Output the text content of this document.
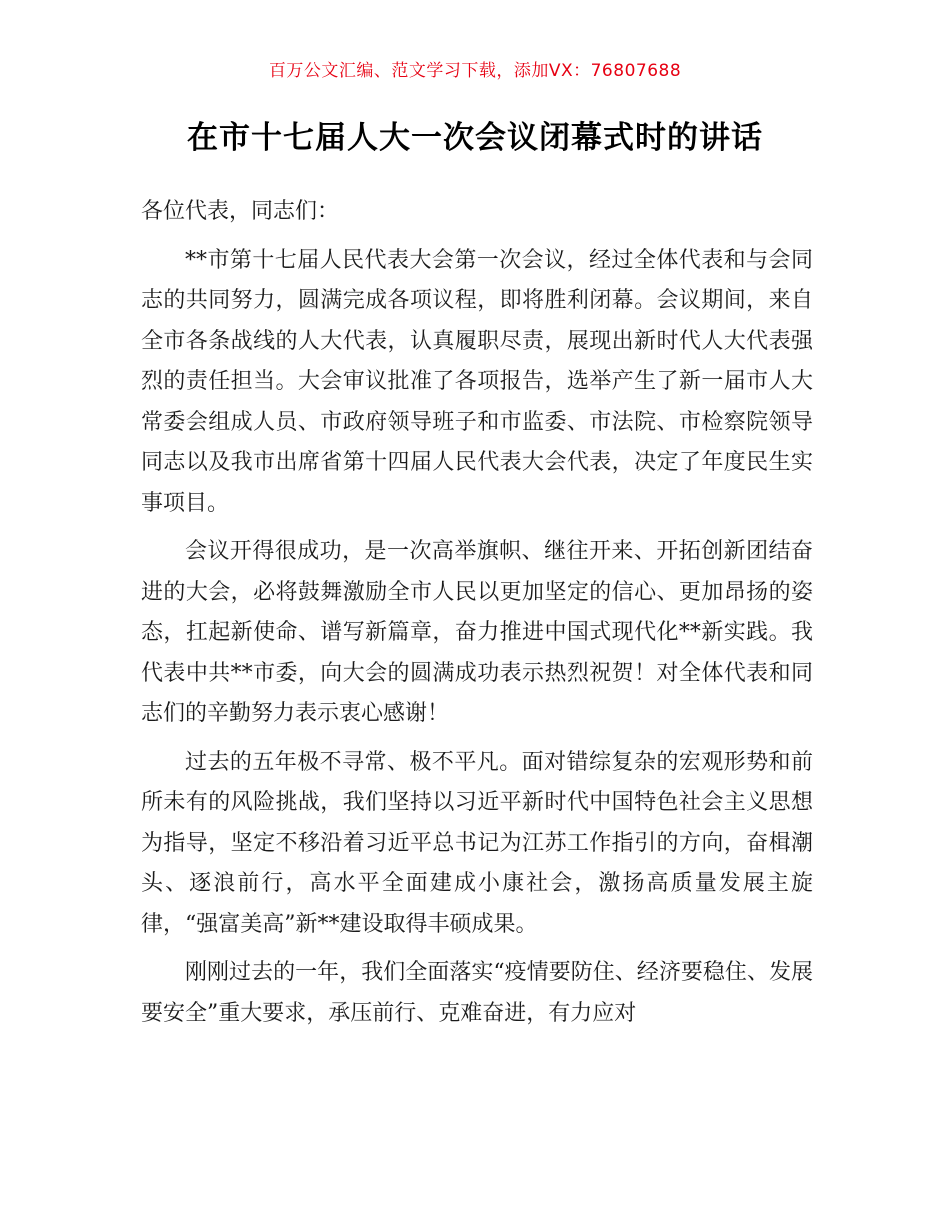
百万公文汇编、范文学习下载，添加VX：76807688
在市十七届人大一次会议闭幕式时的讲话

各位代表，同志们：

**市第十七届人民代表大会第一次会议，经过全体代表和与会同志的共同努力，圆满完成各项议程，即将胜利闭幕。会议期间，来自全市各条战线的人大代表，认真履职尽责，展现出新时代人大代表强烈的责任担当。大会审议批准了各项报告，选举产生了新一届市人大常委会组成人员、市政府领导班子和市监委、市法院、市检察院领导同志以及我市出席省第十四届人民代表大会代表，决定了年度民生实事项目。

会议开得很成功，是一次高举旗帜、继往开来、开拓创新团结奋进的大会，必将鼓舞激励全市人民以更加坚定的信心、更加昂扬的姿态，扛起新使命、谱写新篇章，奋力推进中国式现代化**新实践。我代表中共**市委，向大会的圆满成功表示热烈祝贺！对全体代表和同志们的辛勤努力表示衷心感谢！

过去的五年极不寻常、极不平凡。面对错综复杂的宏观形势和前所未有的风险挑战，我们坚持以习近平新时代中国特色社会主义思想为指导，坚定不移沿着习近平总书记为江苏工作指引的方向，奋楫潮头、逐浪前行，高水平全面建成小康社会，激扬高质量发展主旋律，“强富美高”新**建设取得丰硕成果。

刚刚过去的一年，我们全面落实“疫情要防住、经济要稳住、发展要安全”重大要求，承压前行、克难奋进，有力应对
